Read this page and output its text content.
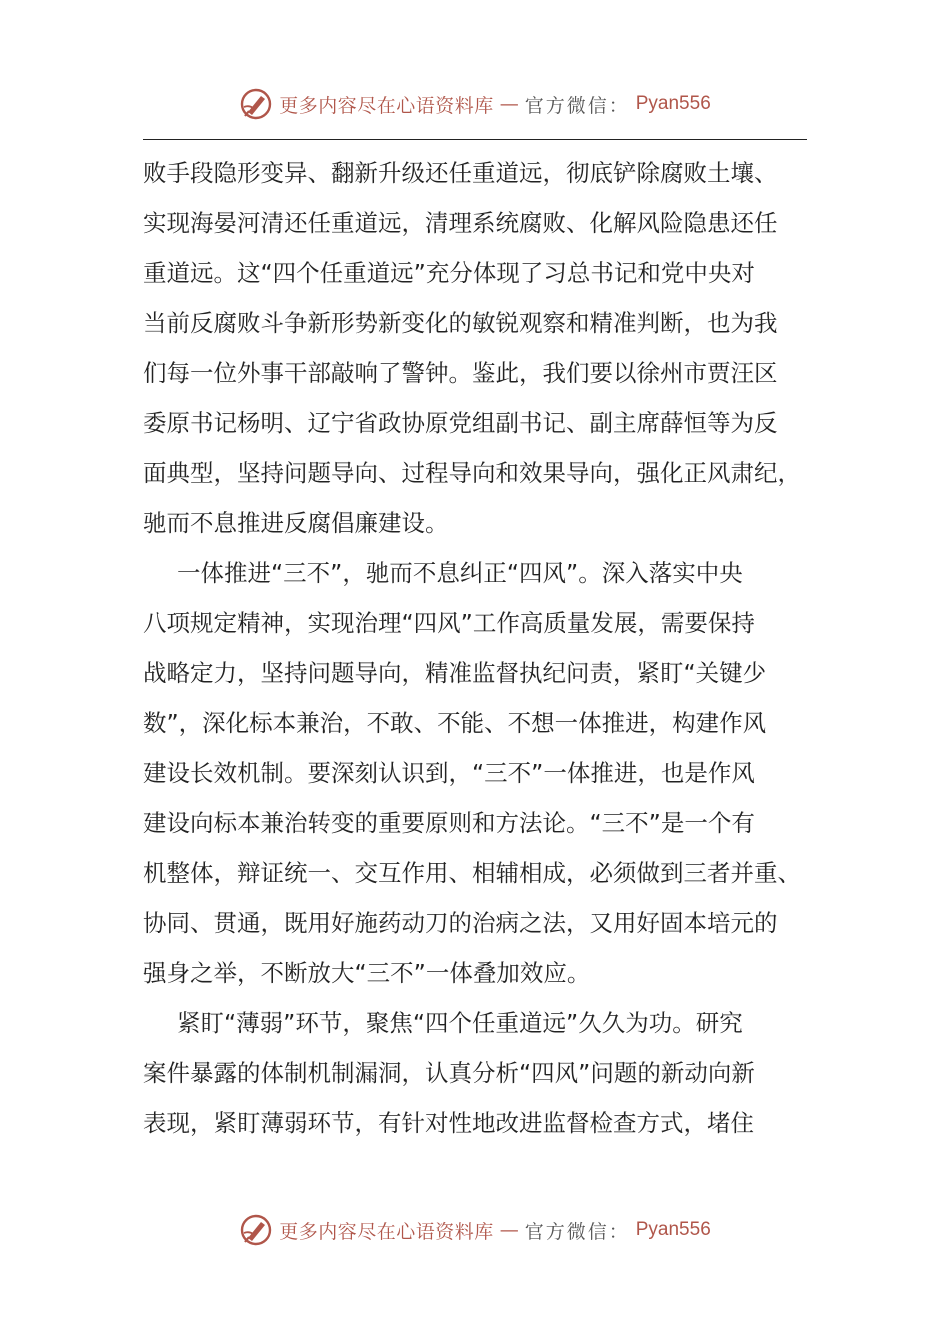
更多内容尽在心语资料库 — 官方微信： Pyan556
败手段隐形变异、翻新升级还任重道远，彻底铲除腐败土壤、
实现海晏河清还任重道远，清理系统腐败、化解风险隐患还任
重道远。这“四个任重道远”充分体现了习总书记和党中央对
当前反腐败斗争新形势新变化的敏锐观察和精准判断，也为我
们每一位外事干部敲响了警钟。鉴此，我们要以徐州市贾汪区
委原书记杨明、辽宁省政协原党组副书记、副主席薛恒等为反
面典型，坚持问题导向、过程导向和效果导向，强化正风肃纪，
驰而不息推进反腐倡廉建设。
一体推进“三不”，驰而不息纠正“四风”。深入落实中央
八项规定精神，实现治理“四风”工作高质量发展，需要保持
战略定力，坚持问题导向，精准监督执纪问责，紧盯“关键少
数”，深化标本兼治，不敢、不能、不想一体推进，构建作风
建设长效机制。要深刻认识到，“三不”一体推进，也是作风
建设向标本兼治转变的重要原则和方法论。“三不”是一个有
机整体，辩证统一、交互作用、相辅相成，必须做到三者并重、
协同、贯通，既用好施药动刀的治病之法，又用好固本培元的
强身之举，不断放大“三不”一体叠加效应。
紧盯“薄弱”环节，聚焦“四个任重道远”久久为功。研究
案件暴露的体制机制漏洞，认真分析“四风”问题的新动向新
表现，紧盯薄弱环节，有针对性地改进监督检查方式，堵住
更多内容尽在心语资料库 — 官方微信： Pyan556
